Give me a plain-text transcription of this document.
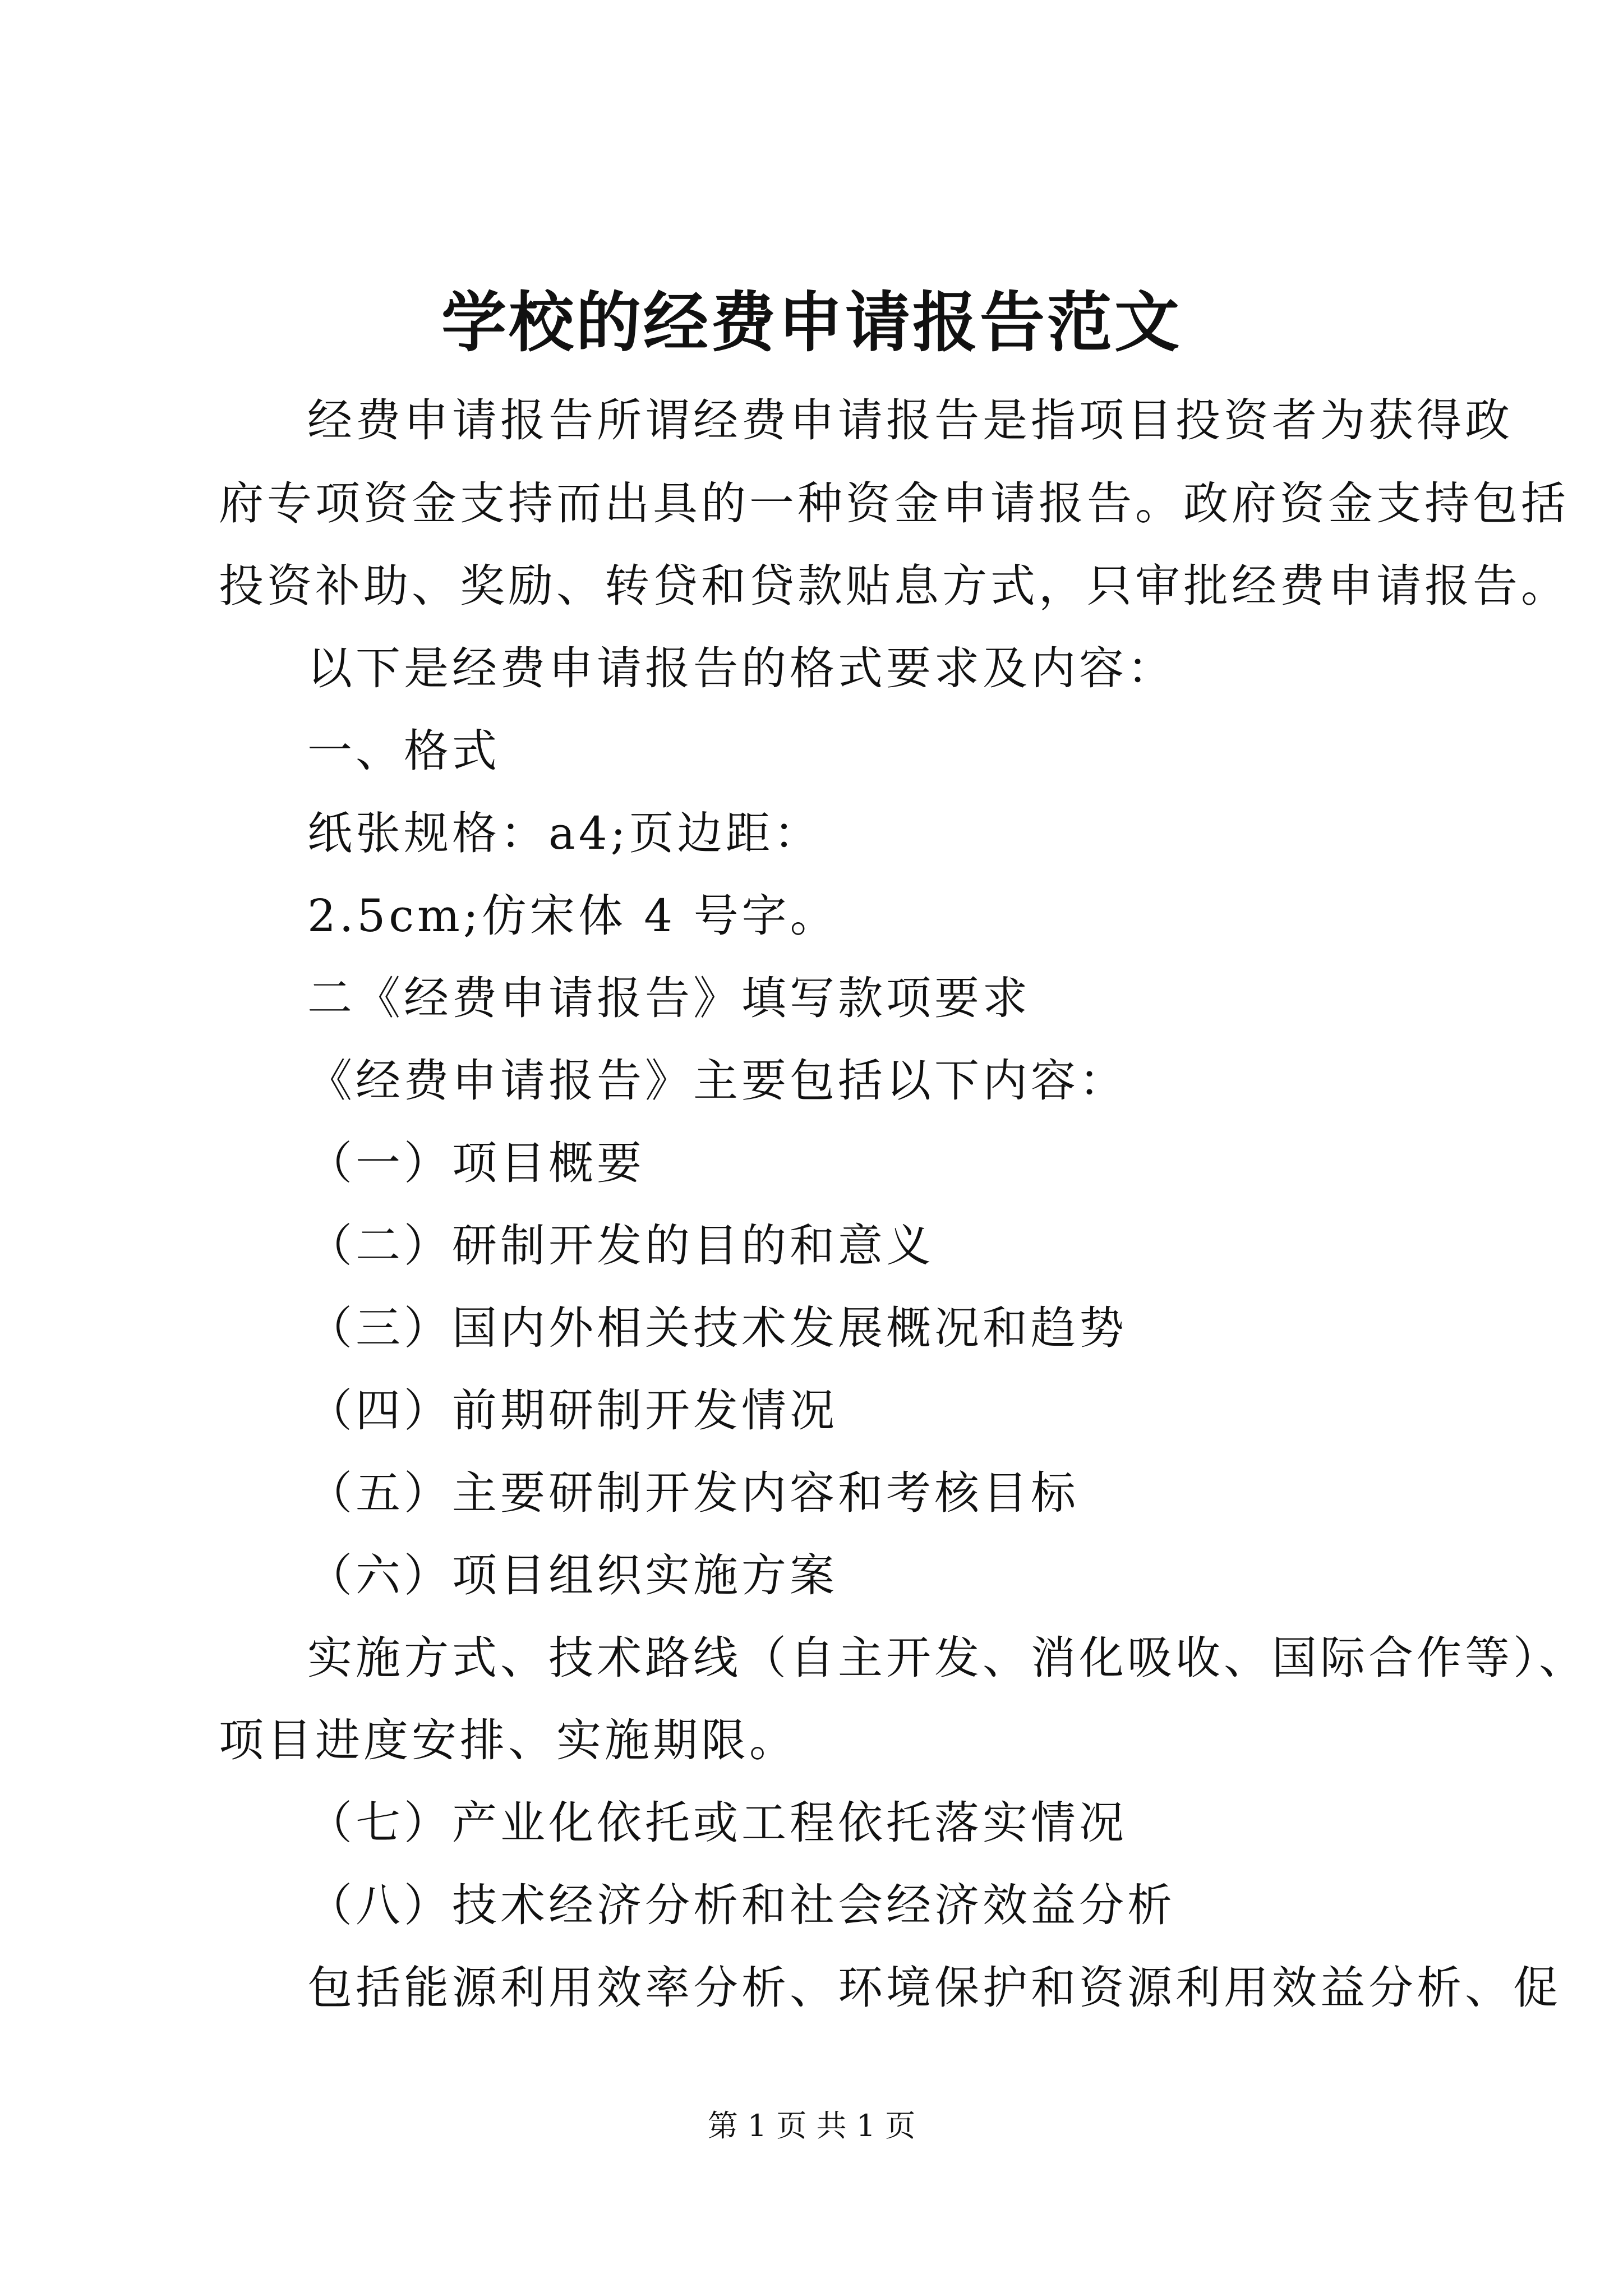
学校的经费申请报告范文
经费申请报告所谓经费申请报告是指项目投资者为获得政
府专项资金支持而出具的一种资金申请报告。政府资金支持包括
投资补助、奖励、转贷和贷款贴息方式，只审批经费申请报告。
以下是经费申请报告的格式要求及内容：
一、格式
纸张规格：a4;页边距：
2.5cm;仿宋体 4 号字。
二《经费申请报告》填写款项要求
《经费申请报告》主要包括以下内容：
（一）项目概要
（二）研制开发的目的和意义
（三）国内外相关技术发展概况和趋势
（四）前期研制开发情况
（五）主要研制开发内容和考核目标
（六）项目组织实施方案
实施方式、技术路线（自主开发、消化吸收、国际合作等）、
项目进度安排、实施期限。
（七）产业化依托或工程依托落实情况
（八）技术经济分析和社会经济效益分析
包括能源利用效率分析、环境保护和资源利用效益分析、促
第 1 页 共 1 页
